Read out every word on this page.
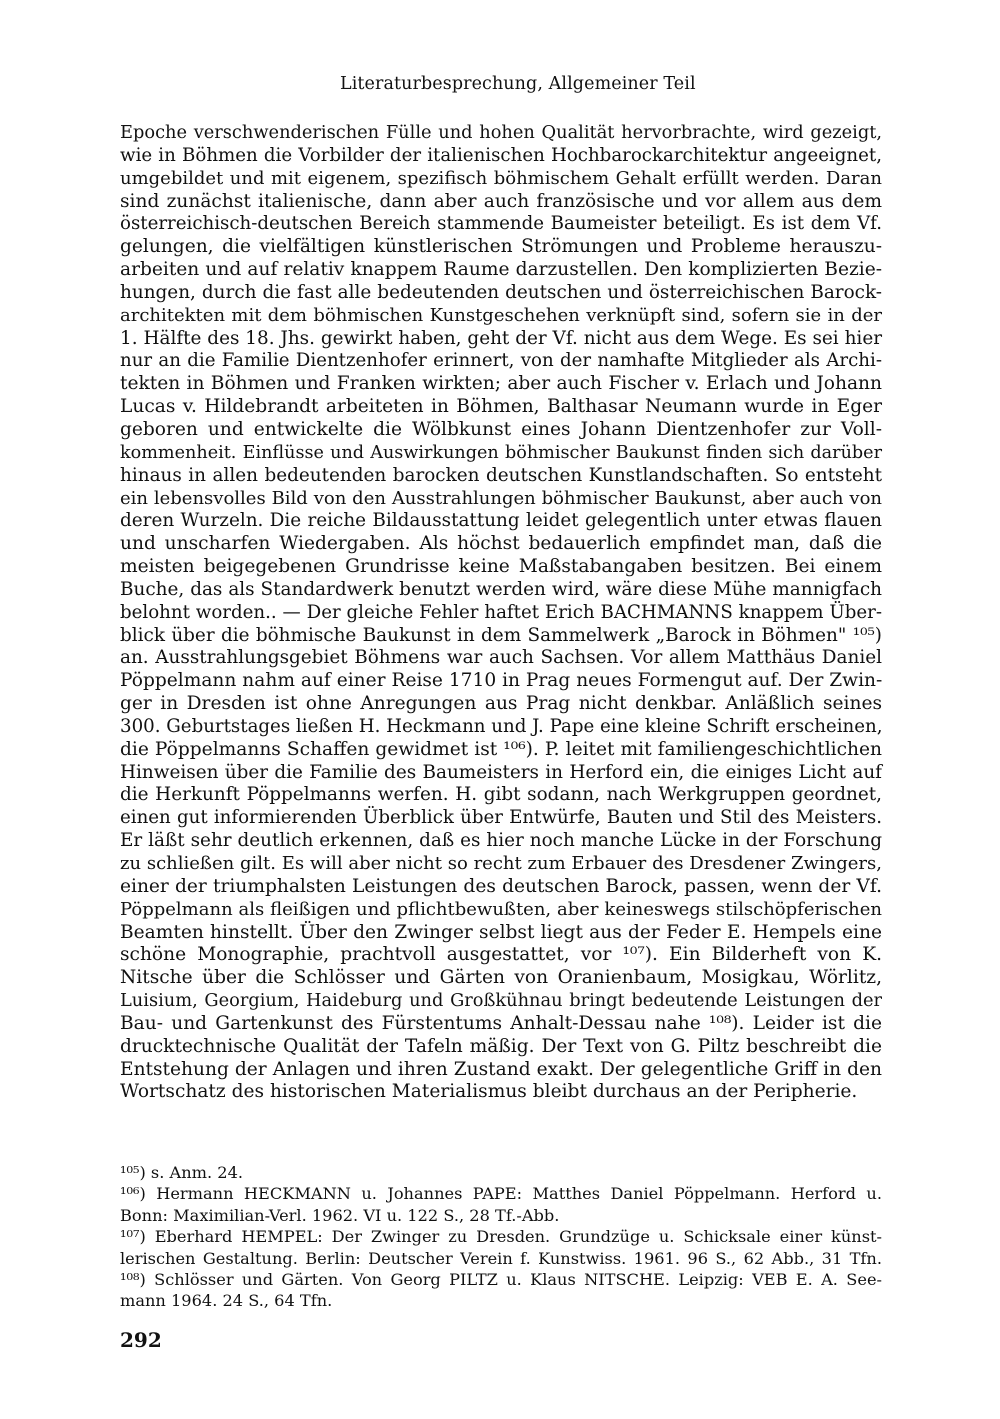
Literaturbesprechung, Allgemeiner Teil
Epoche verschwenderischen Fülle und hohen Qualität hervorbrachte, wird gezeigt,
wie in Böhmen die Vorbilder der italienischen Hochbarockarchitektur angeeignet,
umgebildet und mit eigenem, spezifisch böhmischem Gehalt erfüllt werden. Daran
sind zunächst italienische, dann aber auch französische und vor allem aus dem
österreichisch-deutschen Bereich stammende Baumeister beteiligt. Es ist dem Vf.
gelungen, die vielfältigen künstlerischen Strömungen und Probleme herauszu-
arbeiten und auf relativ knappem Raume darzustellen. Den komplizierten Bezie-
hungen, durch die fast alle bedeutenden deutschen und österreichischen Barock-
architekten mit dem böhmischen Kunstgeschehen verknüpft sind, sofern sie in der
1. Hälfte des 18. Jhs. gewirkt haben, geht der Vf. nicht aus dem Wege. Es sei hier
nur an die Familie Dientzenhofer erinnert, von der namhafte Mitglieder als Archi-
tekten in Böhmen und Franken wirkten; aber auch Fischer v. Erlach und Johann
Lucas v. Hildebrandt arbeiteten in Böhmen, Balthasar Neumann wurde in Eger
geboren und entwickelte die Wölbkunst eines Johann Dientzenhofer zur Voll-
kommenheit. Einflüsse und Auswirkungen böhmischer Baukunst finden sich darüber
hinaus in allen bedeutenden barocken deutschen Kunstlandschaften. So entsteht
ein lebensvolles Bild von den Ausstrahlungen böhmischer Baukunst, aber auch von
deren Wurzeln. Die reiche Bildausstattung leidet gelegentlich unter etwas flauen
und unscharfen Wiedergaben. Als höchst bedauerlich empfindet man, daß die
meisten beigegebenen Grundrisse keine Maßstabangaben besitzen. Bei einem
Buche, das als Standardwerk benutzt werden wird, wäre diese Mühe mannigfach
belohnt worden.. — Der gleiche Fehler haftet Erich BACHMANNS knappem Über-
blick über die böhmische Baukunst in dem Sammelwerk „Barock in Böhmen" ¹⁰⁵)
an. Ausstrahlungsgebiet Böhmens war auch Sachsen. Vor allem Matthäus Daniel
Pöppelmann nahm auf einer Reise 1710 in Prag neues Formengut auf. Der Zwin-
ger in Dresden ist ohne Anregungen aus Prag nicht denkbar. Anläßlich seines
300. Geburtstages ließen H. Heckmann und J. Pape eine kleine Schrift erscheinen,
die Pöppelmanns Schaffen gewidmet ist ¹⁰⁶). P. leitet mit familiengeschichtlichen
Hinweisen über die Familie des Baumeisters in Herford ein, die einiges Licht auf
die Herkunft Pöppelmanns werfen. H. gibt sodann, nach Werkgruppen geordnet,
einen gut informierenden Überblick über Entwürfe, Bauten und Stil des Meisters.
Er läßt sehr deutlich erkennen, daß es hier noch manche Lücke in der Forschung
zu schließen gilt. Es will aber nicht so recht zum Erbauer des Dresdener Zwingers,
einer der triumphalsten Leistungen des deutschen Barock, passen, wenn der Vf.
Pöppelmann als fleißigen und pflichtbewußten, aber keineswegs stilschöpferischen
Beamten hinstellt. Über den Zwinger selbst liegt aus der Feder E. Hempels eine
schöne Monographie, prachtvoll ausgestattet, vor ¹⁰⁷). Ein Bilderheft von K.
Nitsche über die Schlösser und Gärten von Oranienbaum, Mosigkau, Wörlitz,
Luisium, Georgium, Haideburg und Großkühnau bringt bedeutende Leistungen der
Bau- und Gartenkunst des Fürstentums Anhalt-Dessau nahe ¹⁰⁸). Leider ist die
drucktechnische Qualität der Tafeln mäßig. Der Text von G. Piltz beschreibt die
Entstehung der Anlagen und ihren Zustand exakt. Der gelegentliche Griff in den
Wortschatz des historischen Materialismus bleibt durchaus an der Peripherie.
¹⁰⁵) s. Anm. 24.
¹⁰⁶) Hermann HECKMANN u. Johannes PAPE: Matthes Daniel Pöppelmann. Herford u.
Bonn: Maximilian-Verl. 1962. VI u. 122 S., 28 Tf.-Abb.
¹⁰⁷) Eberhard HEMPEL: Der Zwinger zu Dresden. Grundzüge u. Schicksale einer künst-
lerischen Gestaltung. Berlin: Deutscher Verein f. Kunstwiss. 1961. 96 S., 62 Abb., 31 Tfn.
¹⁰⁸) Schlösser und Gärten. Von Georg PILTZ u. Klaus NITSCHE. Leipzig: VEB E. A. See-
mann 1964. 24 S., 64 Tfn.
292
